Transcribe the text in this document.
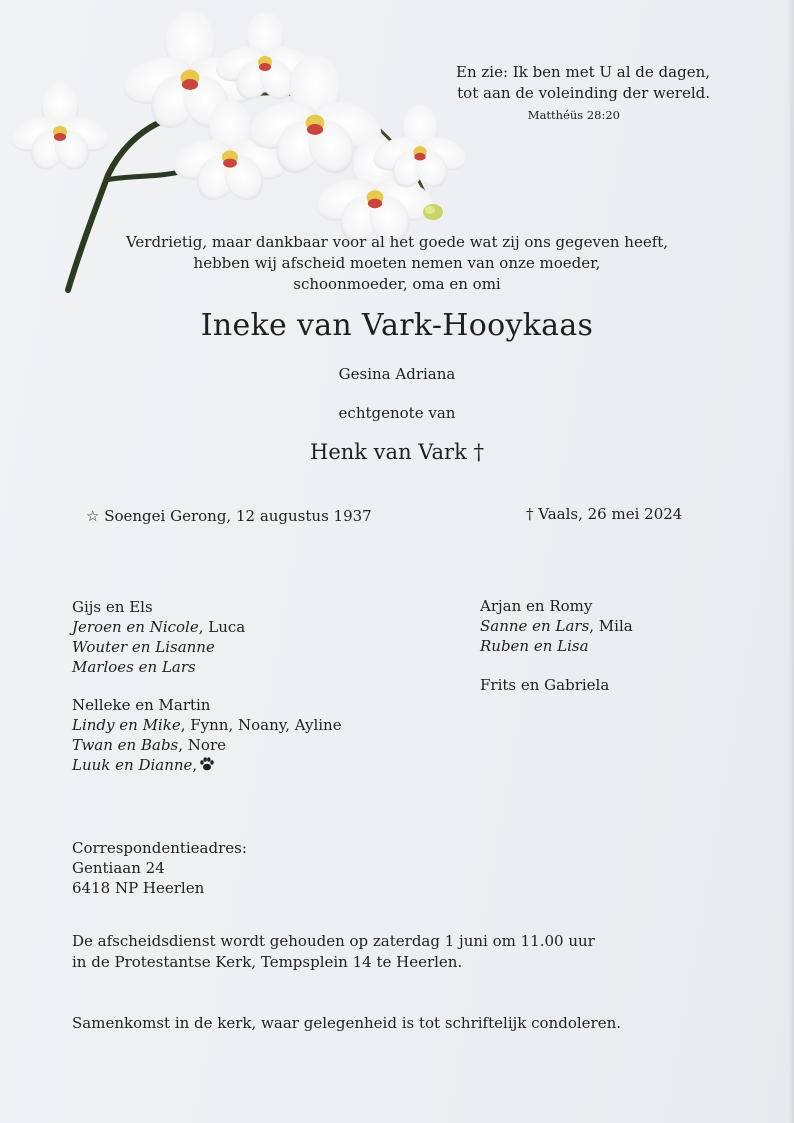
En zie: Ik ben met U al de dagen,
tot aan de voleinding der wereld.
Matthéüs 28:20
Verdrietig, maar dankbaar voor al het goede wat zij ons gegeven heeft,
hebben wij afscheid moeten nemen van onze moeder,
schoonmoeder, oma en omi
Ineke van Vark-Hooykaas
Gesina Adriana
echtgenote van
Henk van Vark †
☆ Soengei Gerong, 12 augustus 1937	† Vaals, 26 mei 2024
Gijs en Els
Jeroen en Nicole, Luca
Wouter en Lisanne
Marloes en Lars
Nelleke en Martin
Lindy en Mike, Fynn, Noany, Ayline
Twan en Babs, Nore
Luuk en Dianne,
Arjan en Romy
Sanne en Lars, Mila
Ruben en Lisa
Frits en Gabriela
Correspondentieadres:
Gentiaan 24
6418 NP Heerlen
De afscheidsdienst wordt gehouden op zaterdag 1 juni om 11.00 uur
in de Protestantse Kerk, Tempsplein 14 te Heerlen.
Samenkomst in de kerk, waar gelegenheid is tot schriftelijk condoleren.
